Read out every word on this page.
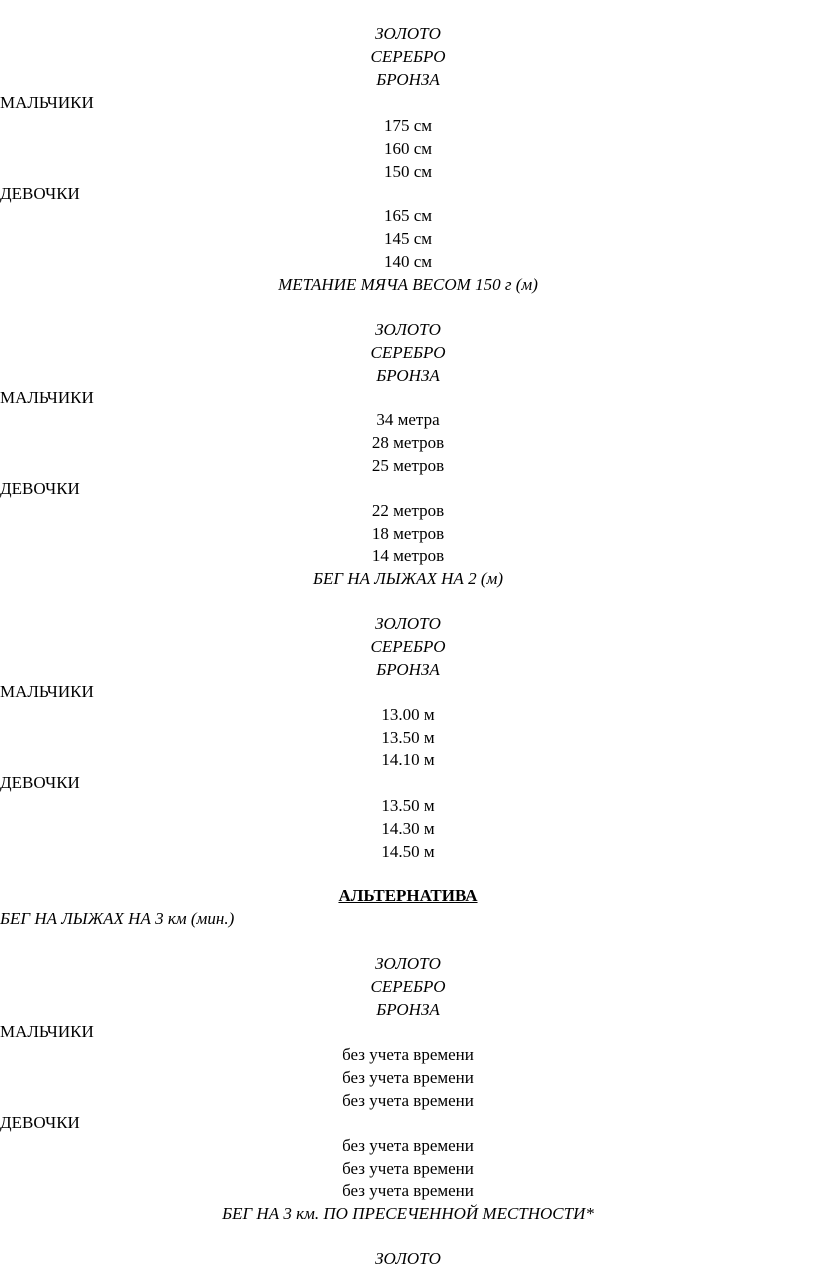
ЗОЛОТО
СЕРЕБРО
БРОНЗА
МАЛЬЧИКИ
175 см
160 см
150 см
ДЕВОЧКИ
165 см
145 см
140 см
МЕТАНИЕ МЯЧА ВЕСОМ 150 г (м)
ЗОЛОТО
СЕРЕБРО
БРОНЗА
МАЛЬЧИКИ
34 метра
28 метров
25 метров
ДЕВОЧКИ
22 метров
18 метров
14 метров
БЕГ НА ЛЫЖАХ НА 2 (м)
ЗОЛОТО
СЕРЕБРО
БРОНЗА
МАЛЬЧИКИ
13.00 м
13.50 м
14.10 м
ДЕВОЧКИ
13.50 м
14.30 м
14.50 м
АЛЬТЕРНАТИВА
БЕГ НА ЛЫЖАХ НА 3 км (мин.)
ЗОЛОТО
СЕРЕБРО
БРОНЗА
МАЛЬЧИКИ
без учета времени
без учета времени
без учета времени
ДЕВОЧКИ
без учета времени
без учета времени
без учета времени
БЕГ НА 3 км. ПО ПРЕСЕЧЕННОЙ МЕСТНОСТИ*
ЗОЛОТО
